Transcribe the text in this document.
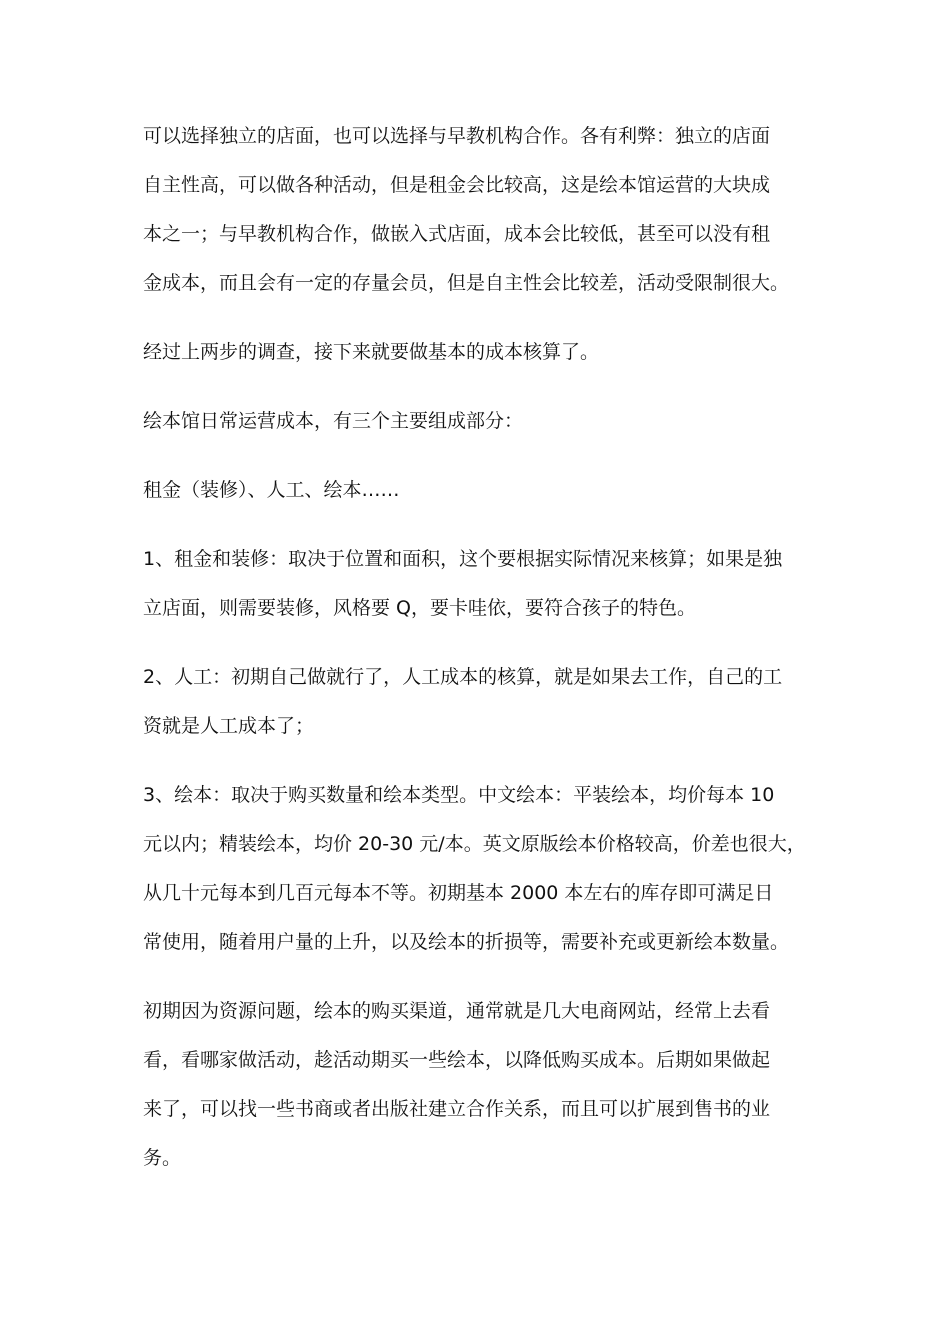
可以选择独立的店面，也可以选择与早教机构合作。各有利弊：独立的店面
自主性高，可以做各种活动，但是租金会比较高，这是绘本馆运营的大块成
本之一；与早教机构合作，做嵌入式店面，成本会比较低，甚至可以没有租
金成本，而且会有一定的存量会员，但是自主性会比较差，活动受限制很大。

经过上两步的调查，接下来就要做基本的成本核算了。

绘本馆日常运营成本，有三个主要组成部分：

租金（装修）、人工、绘本……

1、租金和装修：取决于位置和面积，这个要根据实际情况来核算；如果是独
立店面，则需要装修，风格要 Q，要卡哇依，要符合孩子的特色。

2、人工：初期自己做就行了，人工成本的核算，就是如果去工作，自己的工
资就是人工成本了；

3、绘本：取决于购买数量和绘本类型。中文绘本：平装绘本，均价每本 10
元以内；精装绘本，均价 20-30 元/本。英文原版绘本价格较高，价差也很大，
从几十元每本到几百元每本不等。初期基本 2000 本左右的库存即可满足日
常使用，随着用户量的上升，以及绘本的折损等，需要补充或更新绘本数量。

初期因为资源问题，绘本的购买渠道，通常就是几大电商网站，经常上去看
看，看哪家做活动，趁活动期买一些绘本，以降低购买成本。后期如果做起
来了，可以找一些书商或者出版社建立合作关系，而且可以扩展到售书的业
务。
